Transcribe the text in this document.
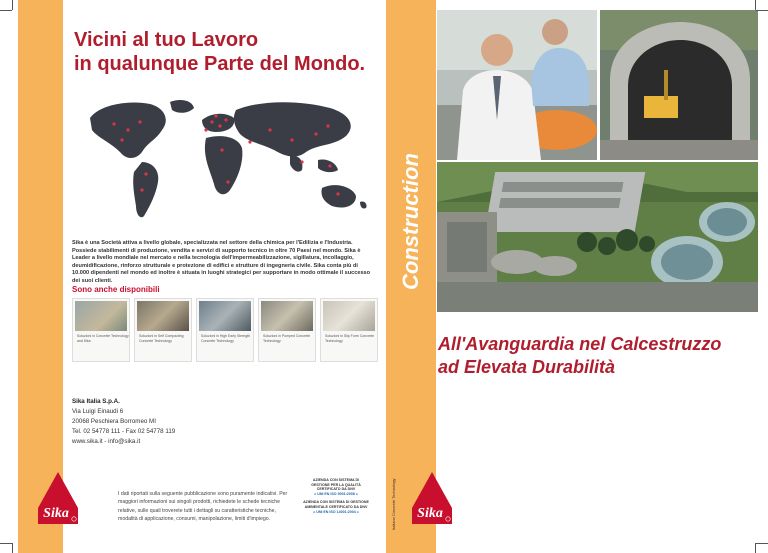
Vicini al tuo Lavoro
in qualunque Parte del Mondo.

Sika è una Società attiva a livello globale, specializzata nel settore della chimica per l'Edilizia e l'Industria. Possiede stabilimenti di produzione, vendita e servizi di supporto tecnico in oltre 70 Paesi nel mondo. Sika è Leader a livello mondiale nel mercato e nella tecnologia dell'impermeabilizzazione, sigillatura, incollaggio, deumidificazione, rinforzo strutturale e protezione di edifici e strutture di ingegneria civile. Sika conta più di 10.000 dipendenti nel mondo ed inoltre è situata in luoghi strategici per supportare in modo ottimale il successo dei suoi clienti.

Sono anche disponibili
Soluzioni in Concrete Technology and Sika
Soluzioni in Self Compacting Concrete Technology
Soluzioni in High Early Strength Concrete Technology
Soluzioni in Pumped Concrete Technology
Soluzioni in Slip Form Concrete Technology
Sika Italia S.p.A.
Via Luigi Einaudi 6
20068 Peschiera Borromeo MI
Tel. 02 54778 111 - Fax 02 54778 119
www.sika.it - info@sika.it
Sika

I dati riportati sulla seguente pubblicazione sono puramente indicativi. Per maggiori informazioni sui singoli prodotti, richiedete le schede tecniche relative, sulle quali troverete tutti i dettagli su caratteristiche tecniche, modalità di applicazione, consumi, manipolazione, limiti d'impiego.

AZIENDA CON SISTEMA DI
GESTIONE PER LA QUALITÀ
CERTIFICATO DA DNV
= UNI EN ISO 9001:2008 =
AZIENDA CON SISTEMA DI GESTIONE
AMBIENTALE CERTIFICATO DA DNV
= UNI EN ISO 14001:2004 =
Construction
Italiano Concrete Technology
All'Avanguardia nel Calcestruzzo
ad Elevata Durabilità
Sika
